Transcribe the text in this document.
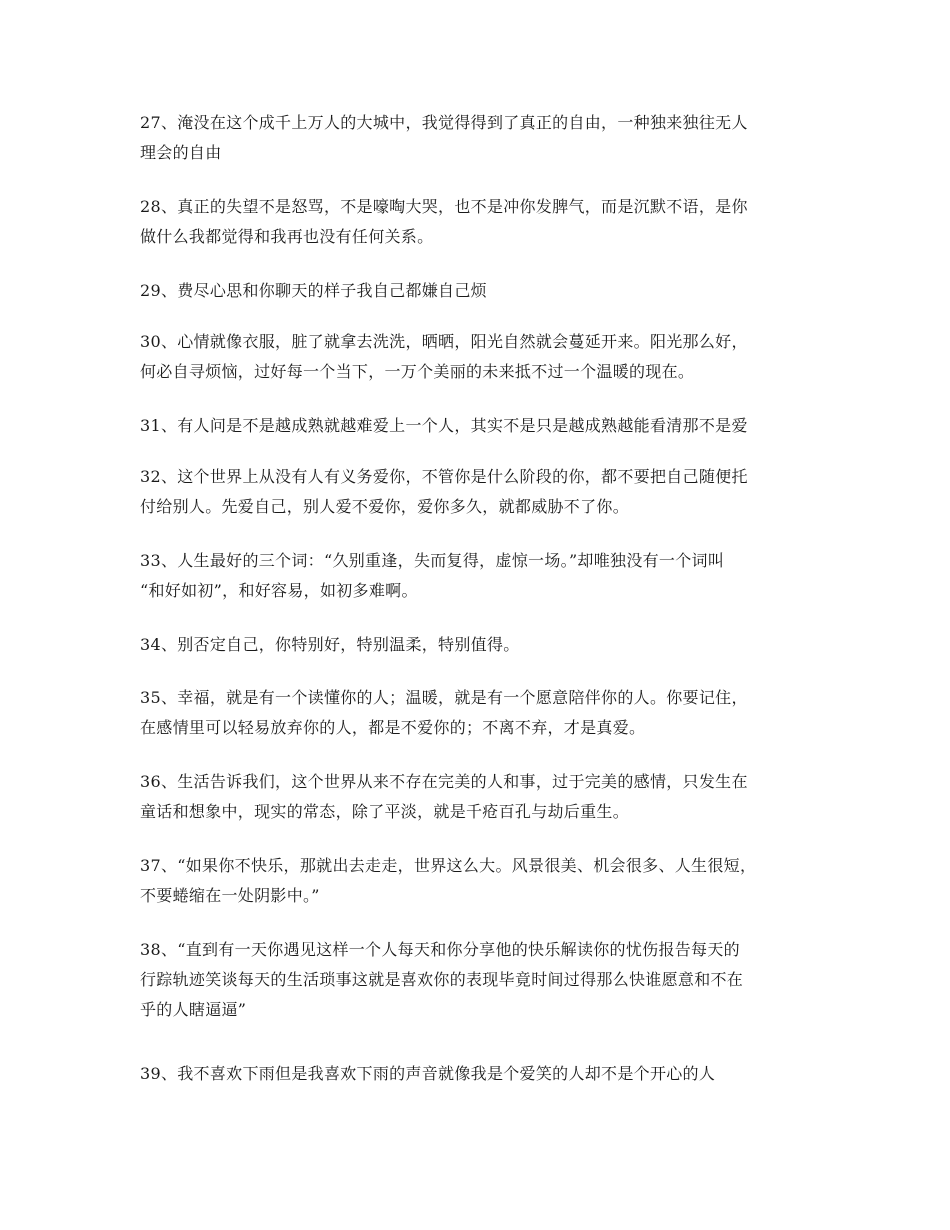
27、淹没在这个成千上万人的大城中，我觉得得到了真正的自由，一种独来独往无人
理会的自由
28、真正的失望不是怒骂，不是嚎啕大哭，也不是冲你发脾气，而是沉默不语，是你
做什么我都觉得和我再也没有任何关系。
29、费尽心思和你聊天的样子我自己都嫌自己烦
30、心情就像衣服，脏了就拿去洗洗，晒晒，阳光自然就会蔓延开来。阳光那么好，
何必自寻烦恼，过好每一个当下，一万个美丽的未来抵不过一个温暖的现在。
31、有人问是不是越成熟就越难爱上一个人，其实不是只是越成熟越能看清那不是爱
32、这个世界上从没有人有义务爱你，不管你是什么阶段的你，都不要把自己随便托
付给别人。先爱自己，别人爱不爱你，爱你多久，就都威胁不了你。
33、人生最好的三个词：“久别重逢，失而复得，虚惊一场。”却唯独没有一个词叫
“和好如初”，和好容易，如初多难啊。
34、别否定自己，你特别好，特别温柔，特别值得。
35、幸福，就是有一个读懂你的人；温暖，就是有一个愿意陪伴你的人。你要记住，
在感情里可以轻易放弃你的人，都是不爱你的；不离不弃，才是真爱。
36、生活告诉我们，这个世界从来不存在完美的人和事，过于完美的感情，只发生在
童话和想象中，现实的常态，除了平淡，就是千疮百孔与劫后重生。
37、“如果你不快乐，那就出去走走，世界这么大。风景很美、机会很多、人生很短，
不要蜷缩在一处阴影中。”
38、“直到有一天你遇见这样一个人每天和你分享他的快乐解读你的忧伤报告每天的
行踪轨迹笑谈每天的生活琐事这就是喜欢你的表现毕竟时间过得那么快谁愿意和不在
乎的人瞎逼逼”
39、我不喜欢下雨但是我喜欢下雨的声音就像我是个爱笑的人却不是个开心的人
